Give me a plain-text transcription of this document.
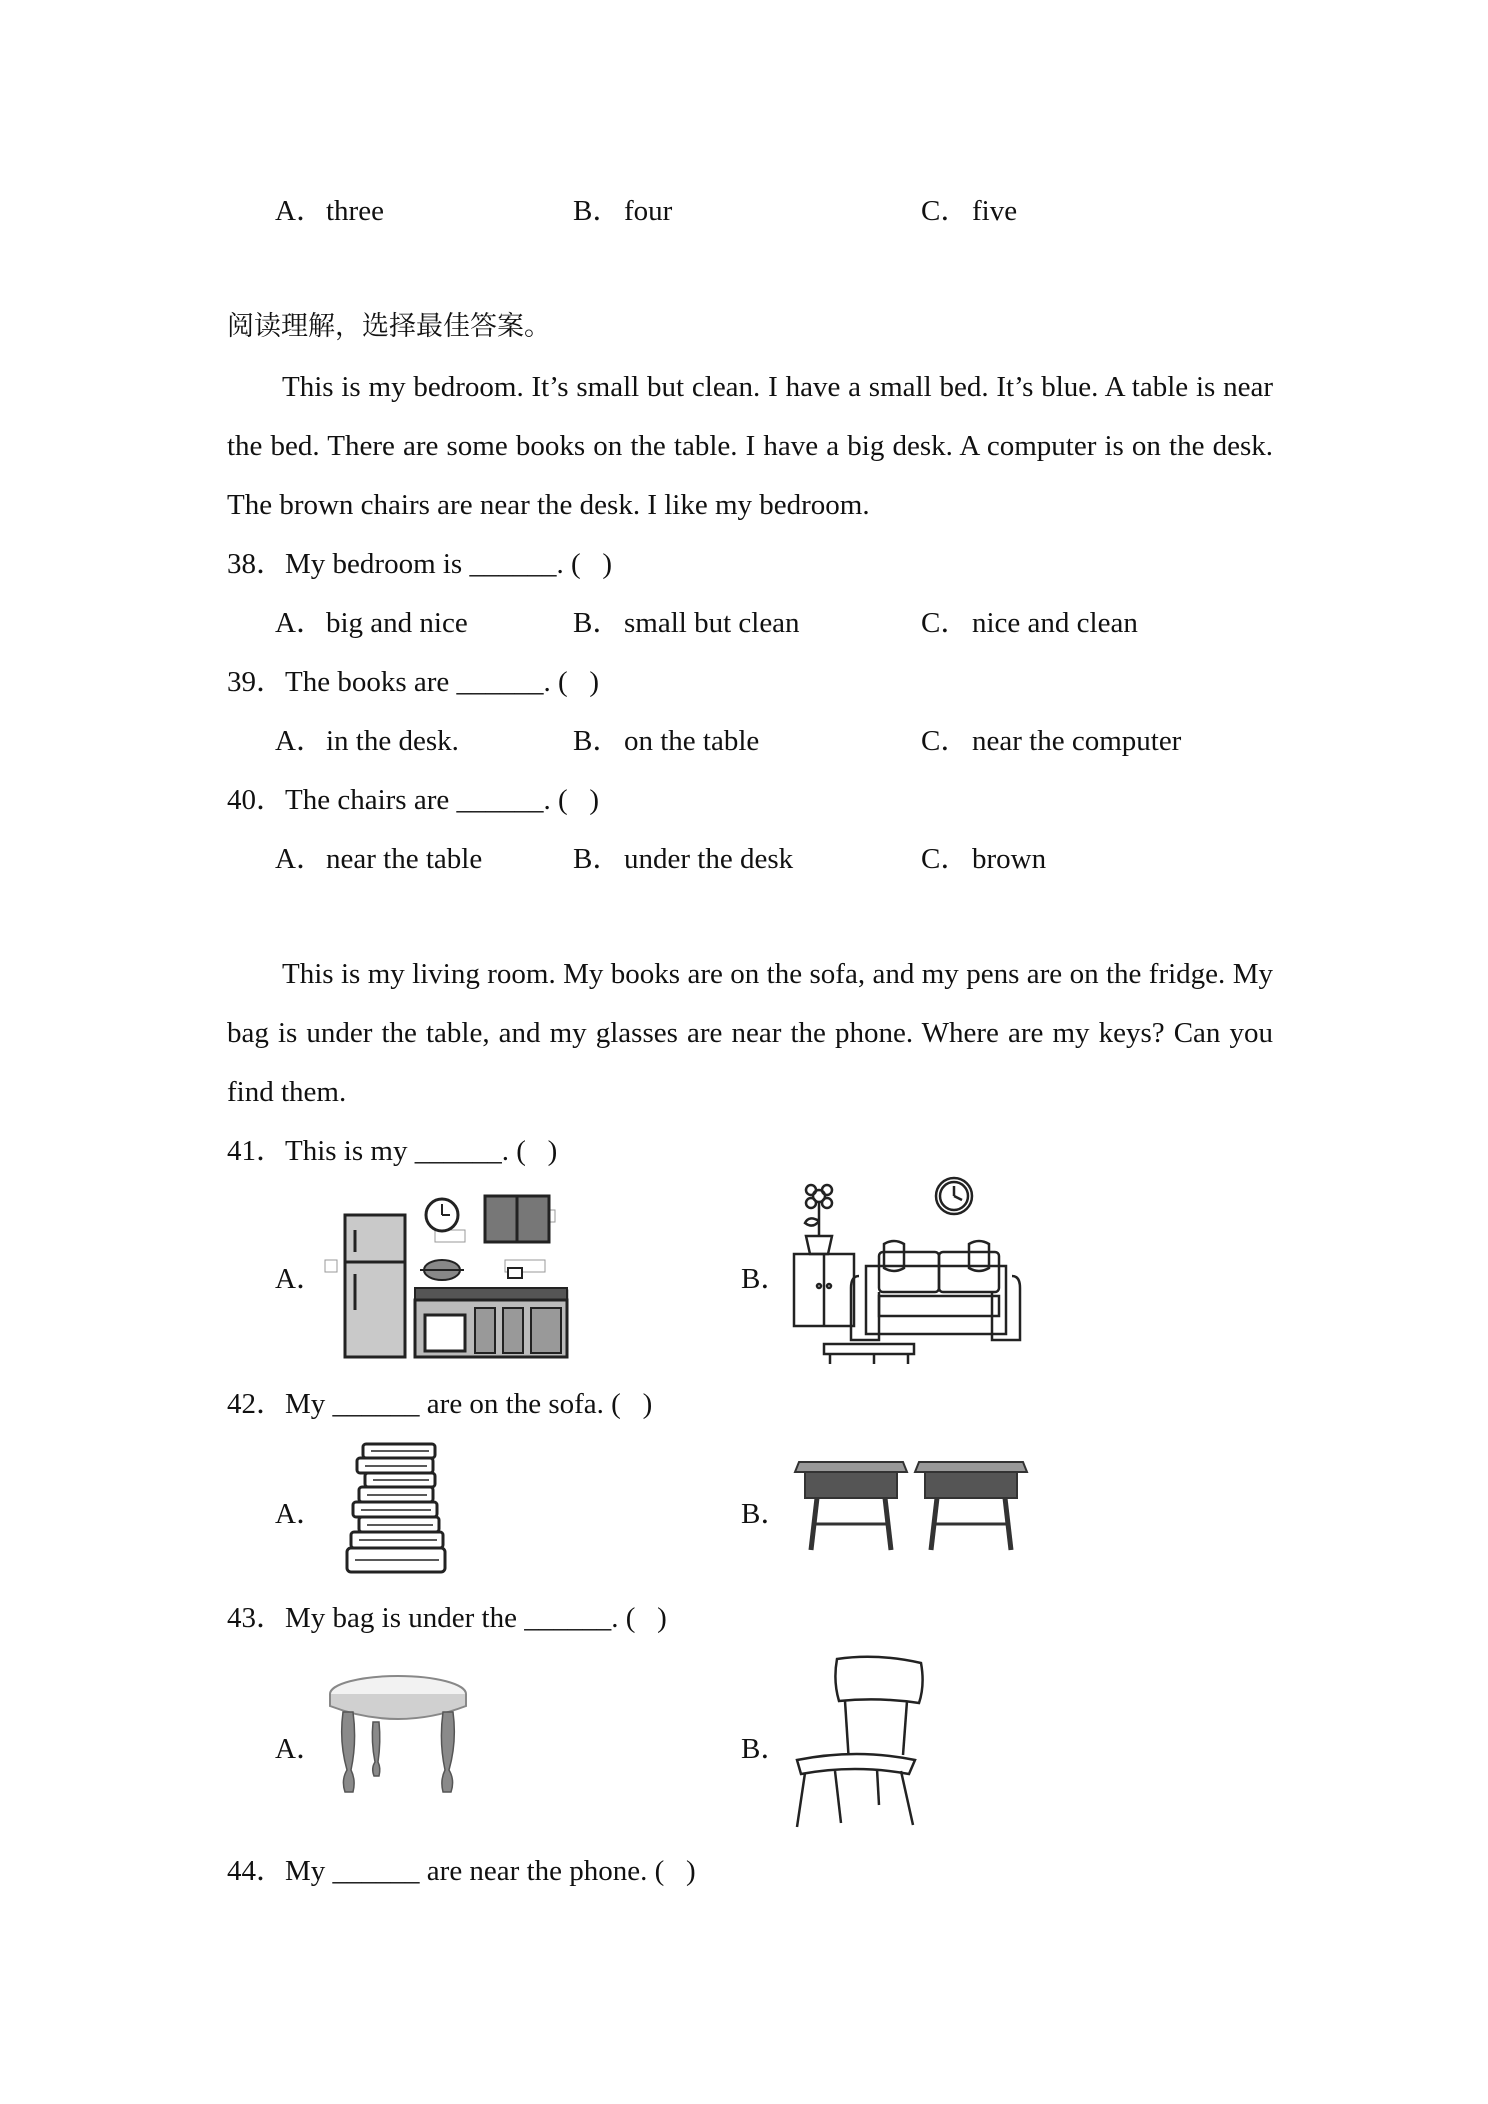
A．three	B．four	C．five
阅读理解，选择最佳答案。
This is my bedroom. It’s small but clean. I have a small bed. It’s blue. A table is near the bed. There are some books on the table. I have a big desk. A computer is on the desk. The brown chairs are near the desk. I like my bedroom.
38．My bedroom is ______. (   )
A．big and nice	B．small but clean	C．nice and clean
39．The books are ______. (   )
A．in the desk.	B．on the table	C．near the computer
40．The chairs are ______. (   )
A．near the table	B．under the desk	C．brown
This is my living room. My books are on the sofa, and my pens are on the fridge. My bag is under the table, and my glasses are near the phone. Where are my keys? Can you find them.
41．This is my ______. (   )
A．	B．
42．My ______ are on the sofa. (   )
A．	B．
43．My bag is under the ______. (   )
A．	B．
44．My ______ are near the phone. (   )
